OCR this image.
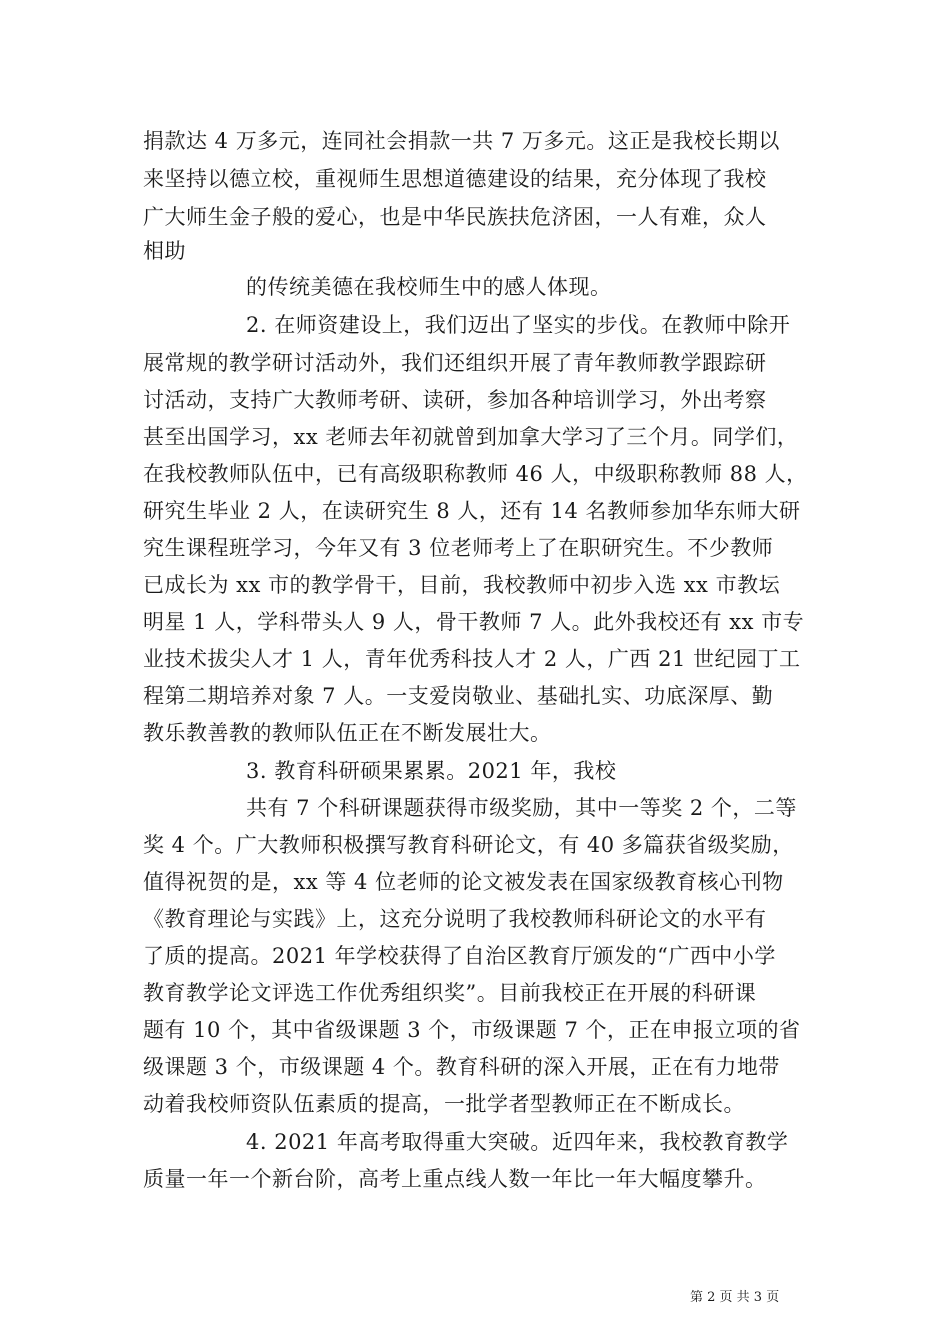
捐款达 4 万多元，连同社会捐款一共 7 万多元。这正是我校长期以
来坚持以德立校，重视师生思想道德建设的结果，充分体现了我校
广大师生金子般的爱心，也是中华民族扶危济困，一人有难，众人
相助
的传统美德在我校师生中的感人体现。
2. 在师资建设上，我们迈出了坚实的步伐。在教师中除开
展常规的教学研讨活动外，我们还组织开展了青年教师教学跟踪研
讨活动，支持广大教师考研、读研，参加各种培训学习，外出考察
甚至出国学习，xx 老师去年初就曾到加拿大学习了三个月。同学们，
在我校教师队伍中，已有高级职称教师 46 人，中级职称教师 88 人，
研究生毕业 2 人，在读研究生 8 人，还有 14 名教师参加华东师大研
究生课程班学习，今年又有 3 位老师考上了在职研究生。不少教师
已成长为 xx 市的教学骨干，目前，我校教师中初步入选 xx 市教坛
明星 1 人，学科带头人 9 人，骨干教师 7 人。此外我校还有 xx 市专
业技术拔尖人才 1 人，青年优秀科技人才 2 人，广西 21 世纪园丁工
程第二期培养对象 7 人。一支爱岗敬业、基础扎实、功底深厚、勤
教乐教善教的教师队伍正在不断发展壮大。
3. 教育科研硕果累累。2021 年，我校
共有 7 个科研课题获得市级奖励，其中一等奖 2 个，二等
奖 4 个。广大教师积极撰写教育科研论文，有 40 多篇获省级奖励，
值得祝贺的是，xx 等 4 位老师的论文被发表在国家级教育核心刊物
《教育理论与实践》上，这充分说明了我校教师科研论文的水平有
了质的提高。2021 年学校获得了自治区教育厅颁发的“广西中小学
教育教学论文评选工作优秀组织奖”。目前我校正在开展的科研课
题有 10 个，其中省级课题 3 个，市级课题 7 个，正在申报立项的省
级课题 3 个，市级课题 4 个。教育科研的深入开展，正在有力地带
动着我校师资队伍素质的提高，一批学者型教师正在不断成长。
4. 2021 年高考取得重大突破。近四年来，我校教育教学
质量一年一个新台阶，高考上重点线人数一年比一年大幅度攀升。
第 2 页 共 3 页
